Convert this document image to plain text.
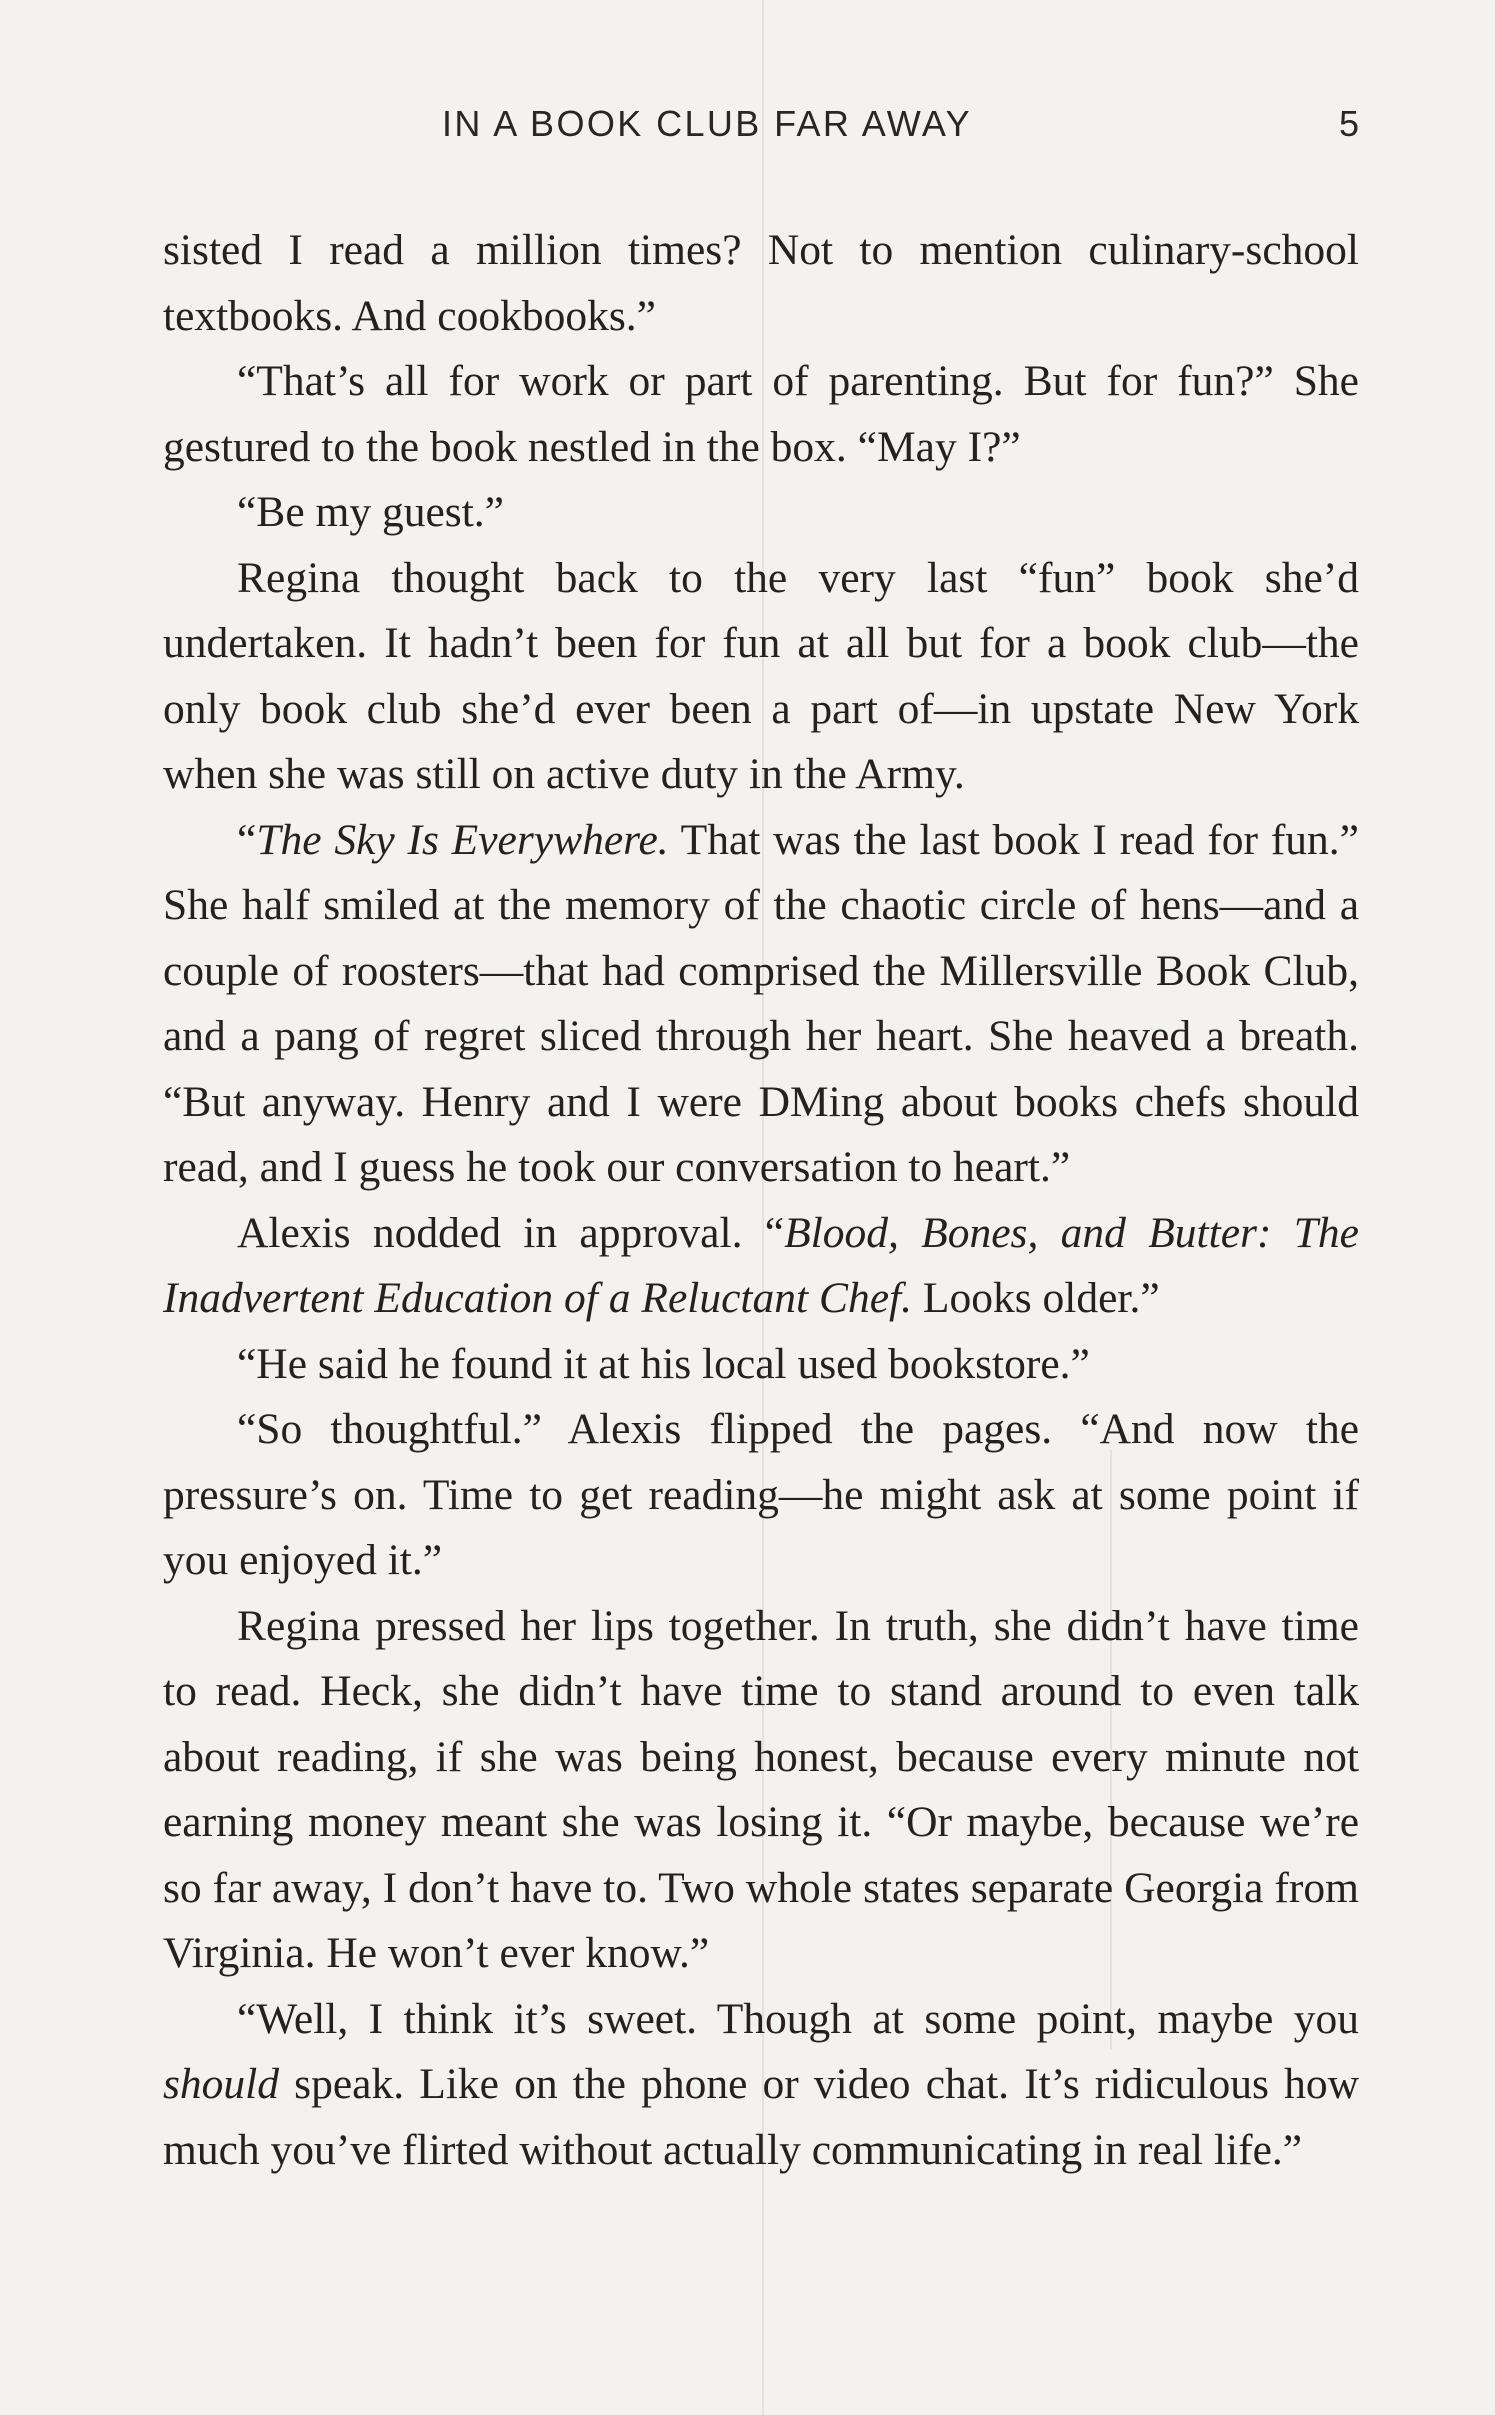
IN A BOOK CLUB FAR AWAY	5

sisted I read a million times? Not to mention culinary-school textbooks. And cookbooks.”

“That’s all for work or part of parenting. But for fun?” She gestured to the book nestled in the box. “May I?”

“Be my guest.”

Regina thought back to the very last “fun” book she’d undertaken. It hadn’t been for fun at all but for a book club—the only book club she’d ever been a part of—in upstate New York when she was still on active duty in the Army.

“The Sky Is Everywhere. That was the last book I read for fun.” She half smiled at the memory of the chaotic circle of hens—and a couple of roosters—that had comprised the Millersville Book Club, and a pang of regret sliced through her heart. She heaved a breath. “But anyway. Henry and I were DMing about books chefs should read, and I guess he took our conversation to heart.”

Alexis nodded in approval. “Blood, Bones, and Butter: The Inadvertent Education of a Reluctant Chef. Looks older.”

“He said he found it at his local used bookstore.”

“So thoughtful.” Alexis flipped the pages. “And now the pressure’s on. Time to get reading—he might ask at some point if you enjoyed it.”

Regina pressed her lips together. In truth, she didn’t have time to read. Heck, she didn’t have time to stand around to even talk about reading, if she was being honest, because every minute not earning money meant she was losing it. “Or maybe, because we’re so far away, I don’t have to. Two whole states separate Georgia from Virginia. He won’t ever know.”

“Well, I think it’s sweet. Though at some point, maybe you should speak. Like on the phone or video chat. It’s ridiculous how much you’ve flirted without actually communicating in real life.”
